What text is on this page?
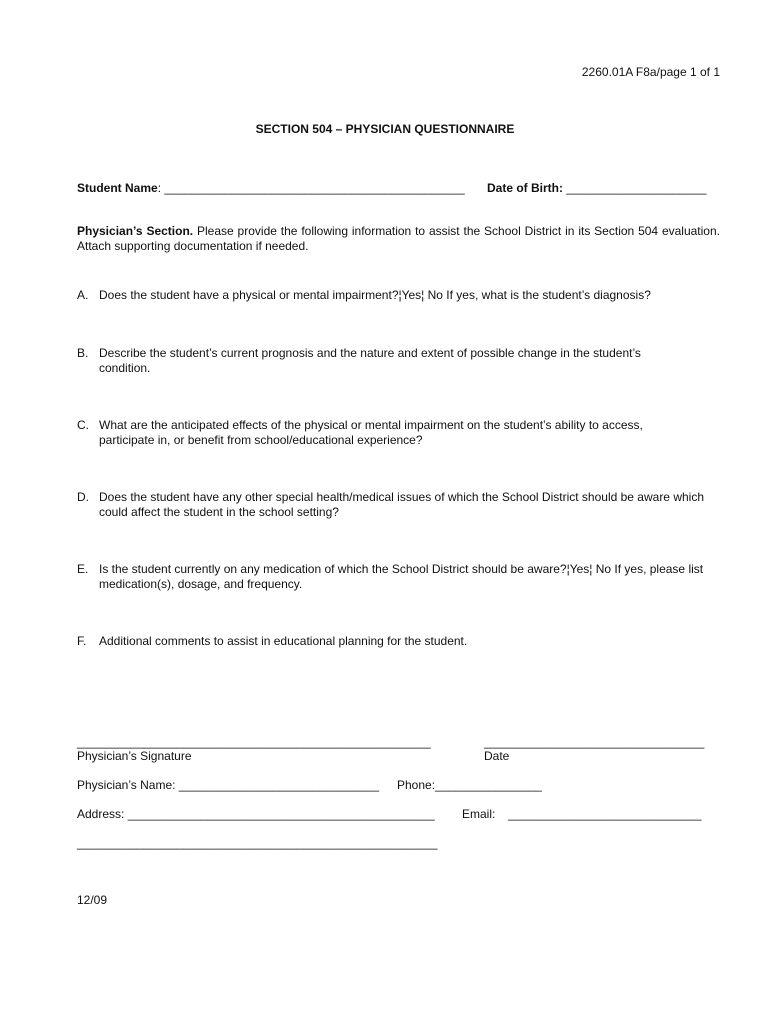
2260.01A F8a/page 1 of 1
SECTION 504 – PHYSICIAN QUESTIONNAIRE
Student Name: _____________________________________________ Date of Birth: _____________________
Physician’s Section. Please provide the following information to assist the School District in its Section 504 evaluation. Attach supporting documentation if needed.
A. Does the student have a physical or mental impairment?¦Yes¦ No If yes, what is the student’s diagnosis?
B. Describe the student’s current prognosis and the nature and extent of possible change in the student’s condition.
C. What are the anticipated effects of the physical or mental impairment on the student’s ability to access, participate in, or benefit from school/educational experience?
D. Does the student have any other special health/medical issues of which the School District should be aware which could affect the student in the school setting?
E. Is the student currently on any medication of which the School District should be aware?¦Yes¦ No If yes, please list medication(s), dosage, and frequency.
F. Additional comments to assist in educational planning for the student.
_____________________________________________________	_________________________________
Physician’s Signature	Date
Physician’s Name: ______________________________ Phone:________________
Address: ______________________________________________ Email: _____________________________
______________________________________________________
12/09
